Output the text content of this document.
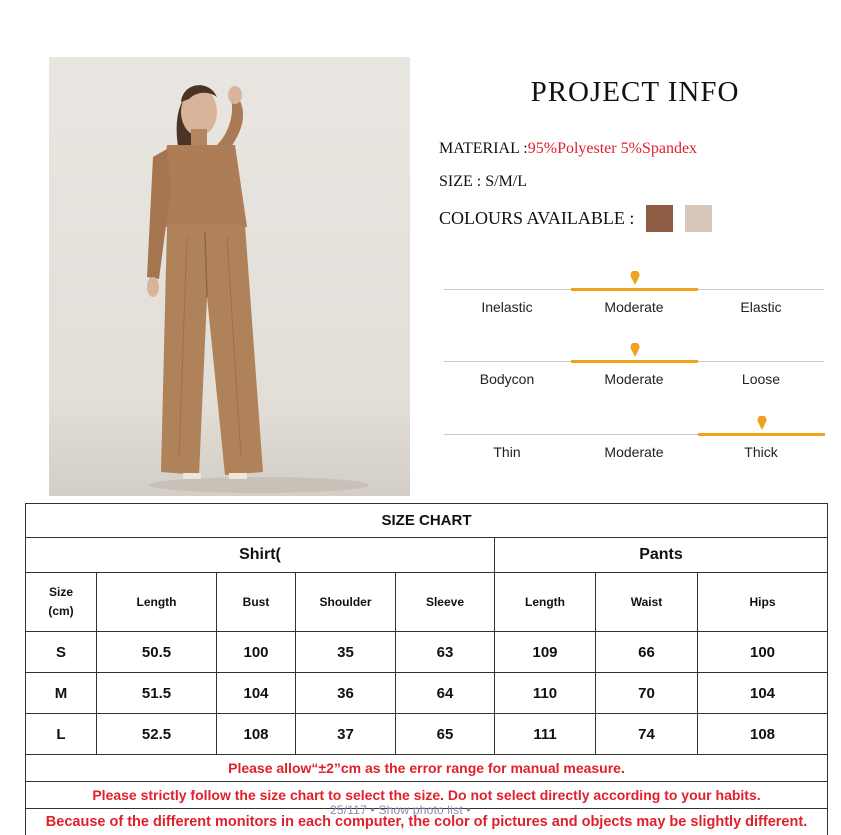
PROJECT INFO
MATERIAL :95%Polyester 5%Spandex
SIZE : S/M/L
COLOURS AVAILABLE :
Inelastic	Moderate	Elastic
Bodycon	Moderate	Loose
Thin	Moderate	Thick
SIZE CHART							
Shirt(					Pants		
Size
(cm)	Length	Bust	Shoulder	Sleeve	Length	Waist	Hips
S	50.5	100	35	63	109	66	100
M	51.5	104	36	64	110	70	104
L	52.5	108	37	65	111	74	108
Please allow“±2”cm as the error range for manual measure.							
Please strictly follow the size chart to select the size. Do not select directly according to your habits.							
Because of the different monitors in each computer, the color of pictures and objects may be slightly different.							
25/117 • Show photo list •
